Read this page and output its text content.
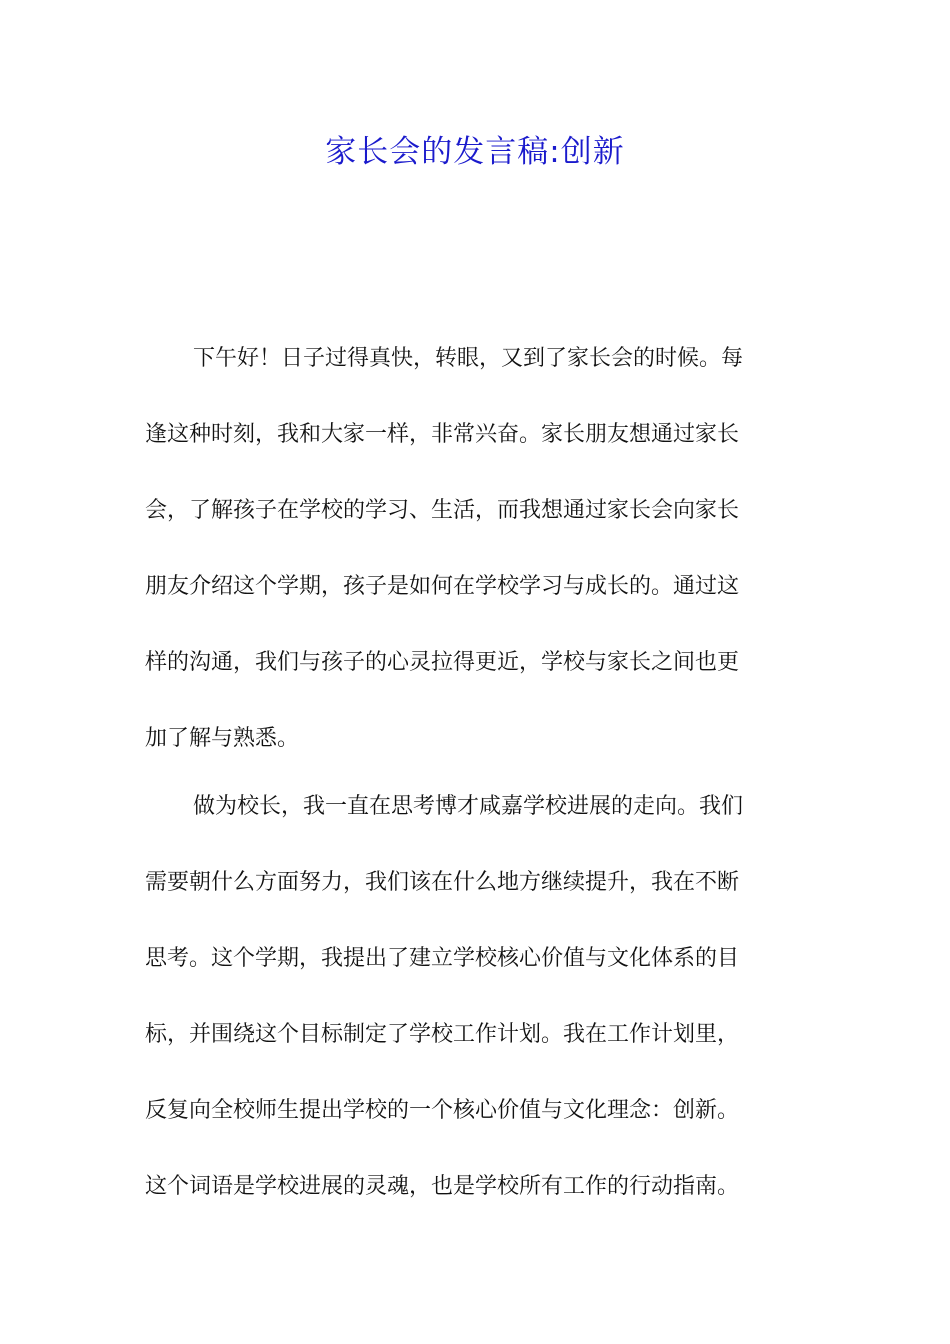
家长会的发言稿:创新
下午好！日子过得真快，转眼，又到了家长会的时候。每
逢这种时刻，我和大家一样，非常兴奋。家长朋友想通过家长
会，了解孩子在学校的学习、生活，而我想通过家长会向家长
朋友介绍这个学期，孩子是如何在学校学习与成长的。通过这
样的沟通，我们与孩子的心灵拉得更近，学校与家长之间也更
加了解与熟悉。
做为校长，我一直在思考博才咸嘉学校进展的走向。我们
需要朝什么方面努力，我们该在什么地方继续提升，我在不断
思考。这个学期，我提出了建立学校核心价值与文化体系的目
标，并围绕这个目标制定了学校工作计划。我在工作计划里，
反复向全校师生提出学校的一个核心价值与文化理念：创新。
这个词语是学校进展的灵魂，也是学校所有工作的行动指南。
